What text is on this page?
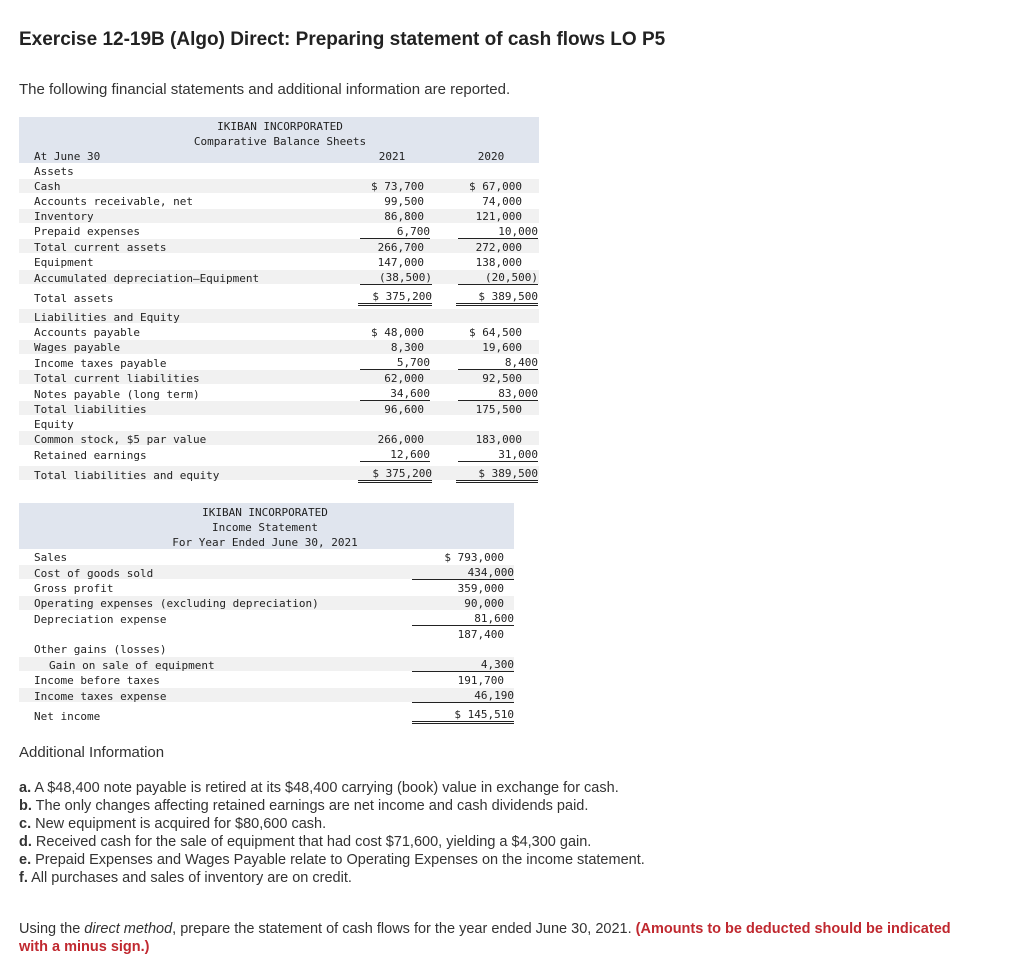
Exercise 12-19B (Algo) Direct: Preparing statement of cash flows LO P5
The following financial statements and additional information are reported.
IKIBAN INCORPORATED
Comparative Balance Sheets
At June 30	2021	2020
Assets
Cash	$ 73,700	$ 67,000
Accounts receivable, net	99,500	74,000
Inventory	86,800	121,000
Prepaid expenses	6,700	10,000
Total current assets	266,700	272,000
Equipment	147,000	138,000
Accumulated depreciation—Equipment	(38,500)	(20,500)
Total assets	$ 375,200	$ 389,500
Liabilities and Equity
Accounts payable	$ 48,000	$ 64,500
Wages payable	8,300	19,600
Income taxes payable	5,700	8,400
Total current liabilities	62,000	92,500
Notes payable (long term)	34,600	83,000
Total liabilities	96,600	175,500
Equity
Common stock, $5 par value	266,000	183,000
Retained earnings	12,600	31,000
Total liabilities and equity	$ 375,200	$ 389,500
IKIBAN INCORPORATED
Income Statement
For Year Ended June 30, 2021
Sales	$ 793,000
Cost of goods sold	434,000
Gross profit	359,000
Operating expenses (excluding depreciation)	90,000
Depreciation expense	81,600
187,400
Other gains (losses)
Gain on sale of equipment	4,300
Income before taxes	191,700
Income taxes expense	46,190
Net income	$ 145,510
Additional Information
a. A $48,400 note payable is retired at its $48,400 carrying (book) value in exchange for cash.
b. The only changes affecting retained earnings are net income and cash dividends paid.
c. New equipment is acquired for $80,600 cash.
d. Received cash for the sale of equipment that had cost $71,600, yielding a $4,300 gain.
e. Prepaid Expenses and Wages Payable relate to Operating Expenses on the income statement.
f. All purchases and sales of inventory are on credit.
Using the direct method, prepare the statement of cash flows for the year ended June 30, 2021. (Amounts to be deducted should be indicated with a minus sign.)
